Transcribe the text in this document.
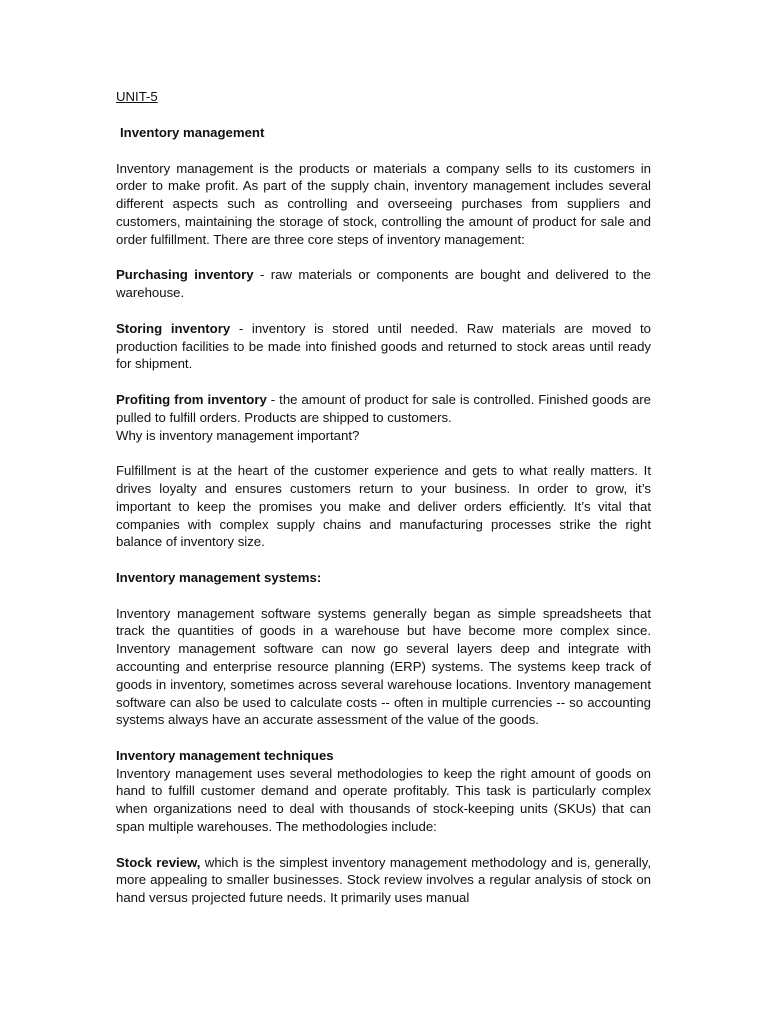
UNIT-5
Inventory management

Inventory management is the products or materials a company sells to its customers in order to make profit. As part of the supply chain, inventory management includes several different aspects such as controlling and overseeing purchases from suppliers and customers, maintaining the storage of stock, controlling the amount of product for sale and order fulfillment. There are three core steps of inventory management:

Purchasing inventory - raw materials or components are bought and delivered to the warehouse.

Storing inventory - inventory is stored until needed. Raw materials are moved to production facilities to be made into finished goods and returned to stock areas until ready for shipment.

Profiting from inventory - the amount of product for sale is controlled. Finished goods are pulled to fulfill orders. Products are shipped to customers.

Why is inventory management important?

Fulfillment is at the heart of the customer experience and gets to what really matters. It drives loyalty and ensures customers return to your business. In order to grow, it’s important to keep the promises you make and deliver orders efficiently. It’s vital that companies with complex supply chains and manufacturing processes strike the right balance of inventory size.

Inventory management systems:

Inventory management software systems generally began as simple spreadsheets that track the quantities of goods in a warehouse but have become more complex since. Inventory management software can now go several layers deep and integrate with accounting and enterprise resource planning (ERP) systems. The systems keep track of goods in inventory, sometimes across several warehouse locations. Inventory management software can also be used to calculate costs -- often in multiple currencies -- so accounting systems always have an accurate assessment of the value of the goods.

Inventory management techniques

Inventory management uses several methodologies to keep the right amount of goods on hand to fulfill customer demand and operate profitably. This task is particularly complex when organizations need to deal with thousands of stock-keeping units (SKUs) that can span multiple warehouses. The methodologies include:

Stock review, which is the simplest inventory management methodology and is, generally, more appealing to smaller businesses. Stock review involves a regular analysis of stock on hand versus projected future needs. It primarily uses manual
